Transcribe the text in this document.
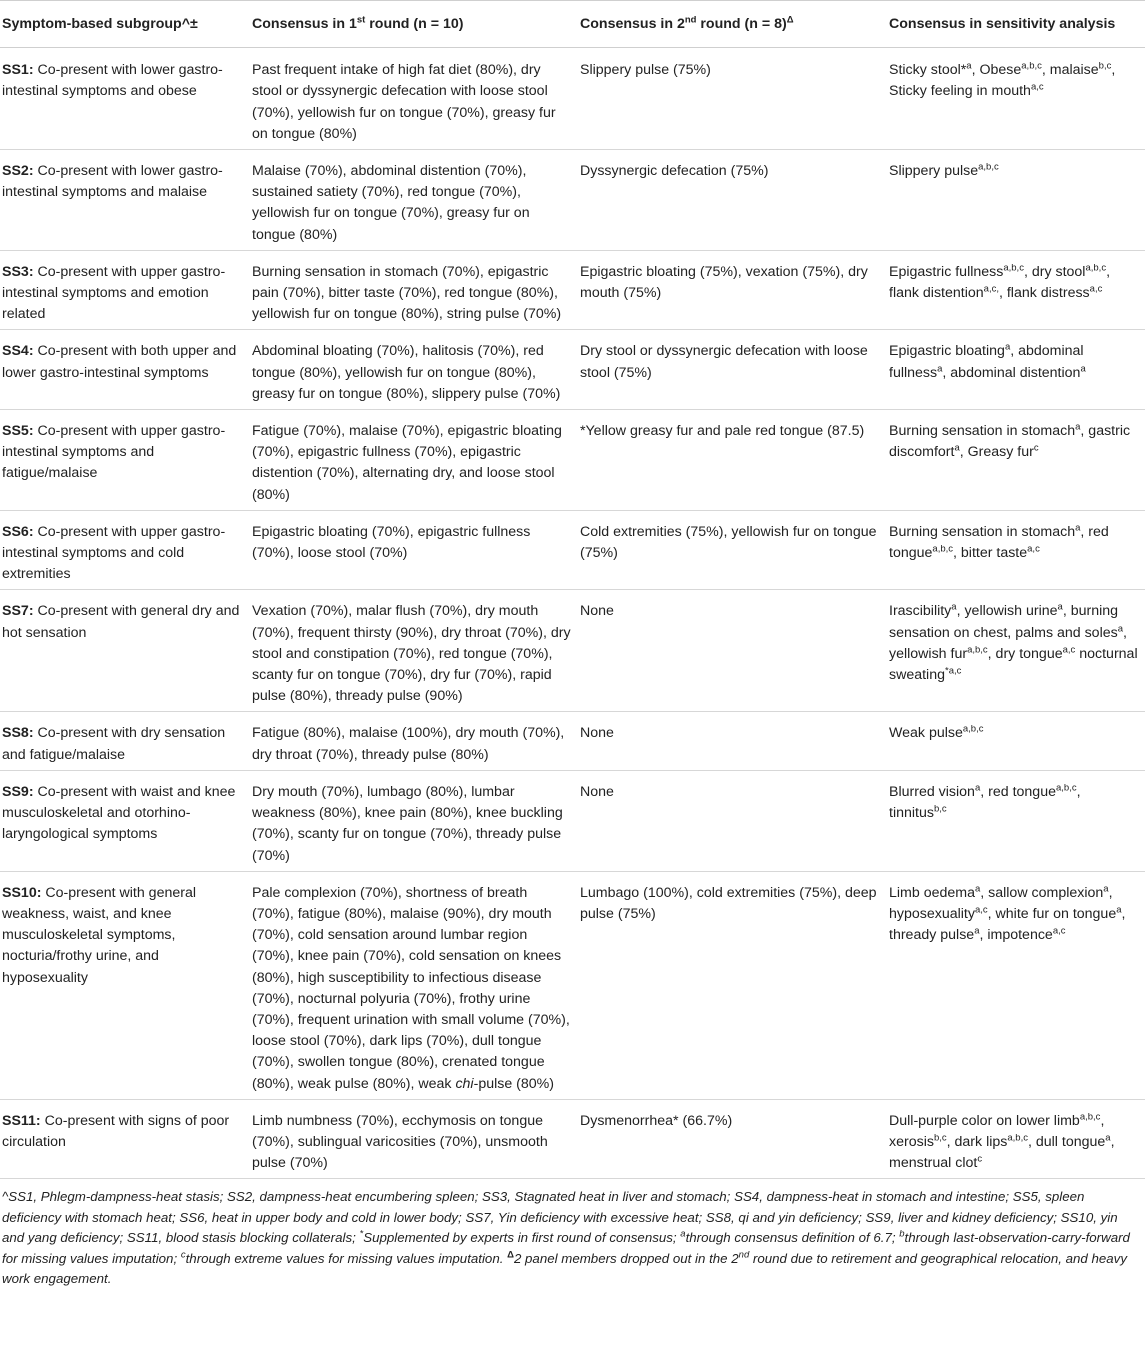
Symptom-based subgroup^±	Consensus in 1st round (n = 10)	Consensus in 2nd round (n = 8)$^\Delta$	Consensus in sensitivity analysis
SS1: Co-present with lower gastro-intestinal symptoms and obese	Past frequent intake of high fat diet (80%), dry stool or dyssynergic defecation with loose stool (70%), yellowish fur on tongue (70%), greasy fur on tongue (80%)	Slippery pulse (75%)	Sticky stool*$^a$, Obese$^{a,b,c}$, malaise$^{b,c}$, Sticky feeling in mouth$^{a,c}$
SS2: Co-present with lower gastro-intestinal symptoms and malaise	Malaise (70%), abdominal distention (70%), sustained satiety (70%), red tongue (70%), yellowish fur on tongue (70%), greasy fur on tongue (80%)	Dyssynergic defecation (75%)	Slippery pulse$^{a,b,c}$
SS3: Co-present with upper gastro-intestinal symptoms and emotion related	Burning sensation in stomach (70%), epigastric pain (70%), bitter taste (70%), red tongue (80%), yellowish fur on tongue (80%), string pulse (70%)	Epigastric bloating (75%), vexation (75%), dry mouth (75%)	Epigastric fullness$^{a,b,c}$, dry stool$^{a,b,c}$, flank distention$^{a,c,}$, flank distress$^{a,c}$
SS4: Co-present with both upper and lower gastro-intestinal symptoms	Abdominal bloating (70%), halitosis (70%), red tongue (80%), yellowish fur on tongue (80%), greasy fur on tongue (80%), slippery pulse (70%)	Dry stool or dyssynergic defecation with loose stool (75%)	Epigastric bloating$^a$, abdominal fullness$^a$, abdominal distention$^a$
SS5: Co-present with upper gastro-intestinal symptoms and fatigue/malaise	Fatigue (70%), malaise (70%), epigastric bloating (70%), epigastric fullness (70%), epigastric distention (70%), alternating dry, and loose stool (80%)	*Yellow greasy fur and pale red tongue (87.5)	Burning sensation in stomach$^a$, gastric discomfort$^a$, Greasy fur$^c$
SS6: Co-present with upper gastro-intestinal symptoms and cold extremities	Epigastric bloating (70%), epigastric fullness (70%), loose stool (70%)	Cold extremities (75%), yellowish fur on tongue (75%)	Burning sensation in stomach$^a$, red tongue$^{a,b,c}$, bitter taste$^{a,c}$
SS7: Co-present with general dry and hot sensation	Vexation (70%), malar flush (70%), dry mouth (70%), frequent thirsty (90%), dry throat (70%), dry stool and constipation (70%), red tongue (70%), scanty fur on tongue (70%), dry fur (70%), rapid pulse (80%), thready pulse (90%)	None	Irascibility$^a$, yellowish urine$^a$, burning sensation on chest, palms and soles$^a$, yellowish fur$^{a,b,c}$, dry tongue$^{a,c}$ nocturnal sweating$^{*a,c}$
SS8: Co-present with dry sensation and fatigue/malaise	Fatigue (80%), malaise (100%), dry mouth (70%), dry throat (70%), thready pulse (80%)	None	Weak pulse$^{a,b,c}$
SS9: Co-present with waist and knee musculoskeletal and otorhino-laryngological symptoms	Dry mouth (70%), lumbago (80%), lumbar weakness (80%), knee pain (80%), knee buckling (70%), scanty fur on tongue (70%), thready pulse (70%)	None	Blurred vision$^a$, red tongue$^{a,b,c}$, tinnitus$^{b,c}$
SS10: Co-present with general weakness, waist, and knee musculoskeletal symptoms, nocturia/frothy urine, and hyposexuality	Pale complexion (70%), shortness of breath (70%), fatigue (80%), malaise (90%), dry mouth (70%), cold sensation around lumbar region (70%), knee pain (70%), cold sensation on knees (80%), high susceptibility to infectious disease (70%), nocturnal polyuria (70%), frothy urine (70%), frequent urination with small volume (70%), loose stool (70%), dark lips (70%), dull tongue (70%), swollen tongue (80%), crenated tongue (80%), weak pulse (80%), weak chi-pulse (80%)	Lumbago (100%), cold extremities (75%), deep pulse (75%)	Limb oedema$^a$, sallow complexion$^a$, hyposexuality$^{a,c}$, white fur on tongue$^a$, thready pulse$^a$, impotence$^{a,c}$
SS11: Co-present with signs of poor circulation	Limb numbness (70%), ecchymosis on tongue (70%), sublingual varicosities (70%), unsmooth pulse (70%)	Dysmenorrhea* (66.7%)	Dull-purple color on lower limb$^{a,b,c}$, xerosis$^{b,c}$, dark lips$^{a,b,c}$, dull tongue$^a$, menstrual clot$^c$
^SS1, Phlegm-dampness-heat stasis; SS2, dampness-heat encumbering spleen; SS3, Stagnated heat in liver and stomach; SS4, dampness-heat in stomach and intestine; SS5, spleen deficiency with stomach heat; SS6, heat in upper body and cold in lower body; SS7, Yin deficiency with excessive heat; SS8, qi and yin deficiency; SS9, liver and kidney deficiency; SS10, yin and yang deficiency; SS11, blood stasis blocking collaterals; *Supplemented by experts in first round of consensus; $^a$through consensus definition of 6.7; $^b$through last-observation-carry-forward for missing values imputation; $^c$through extreme values for missing values imputation. $^\Delta$2 panel members dropped out in the 2nd round due to retirement and geographical relocation, and heavy work engagement.
